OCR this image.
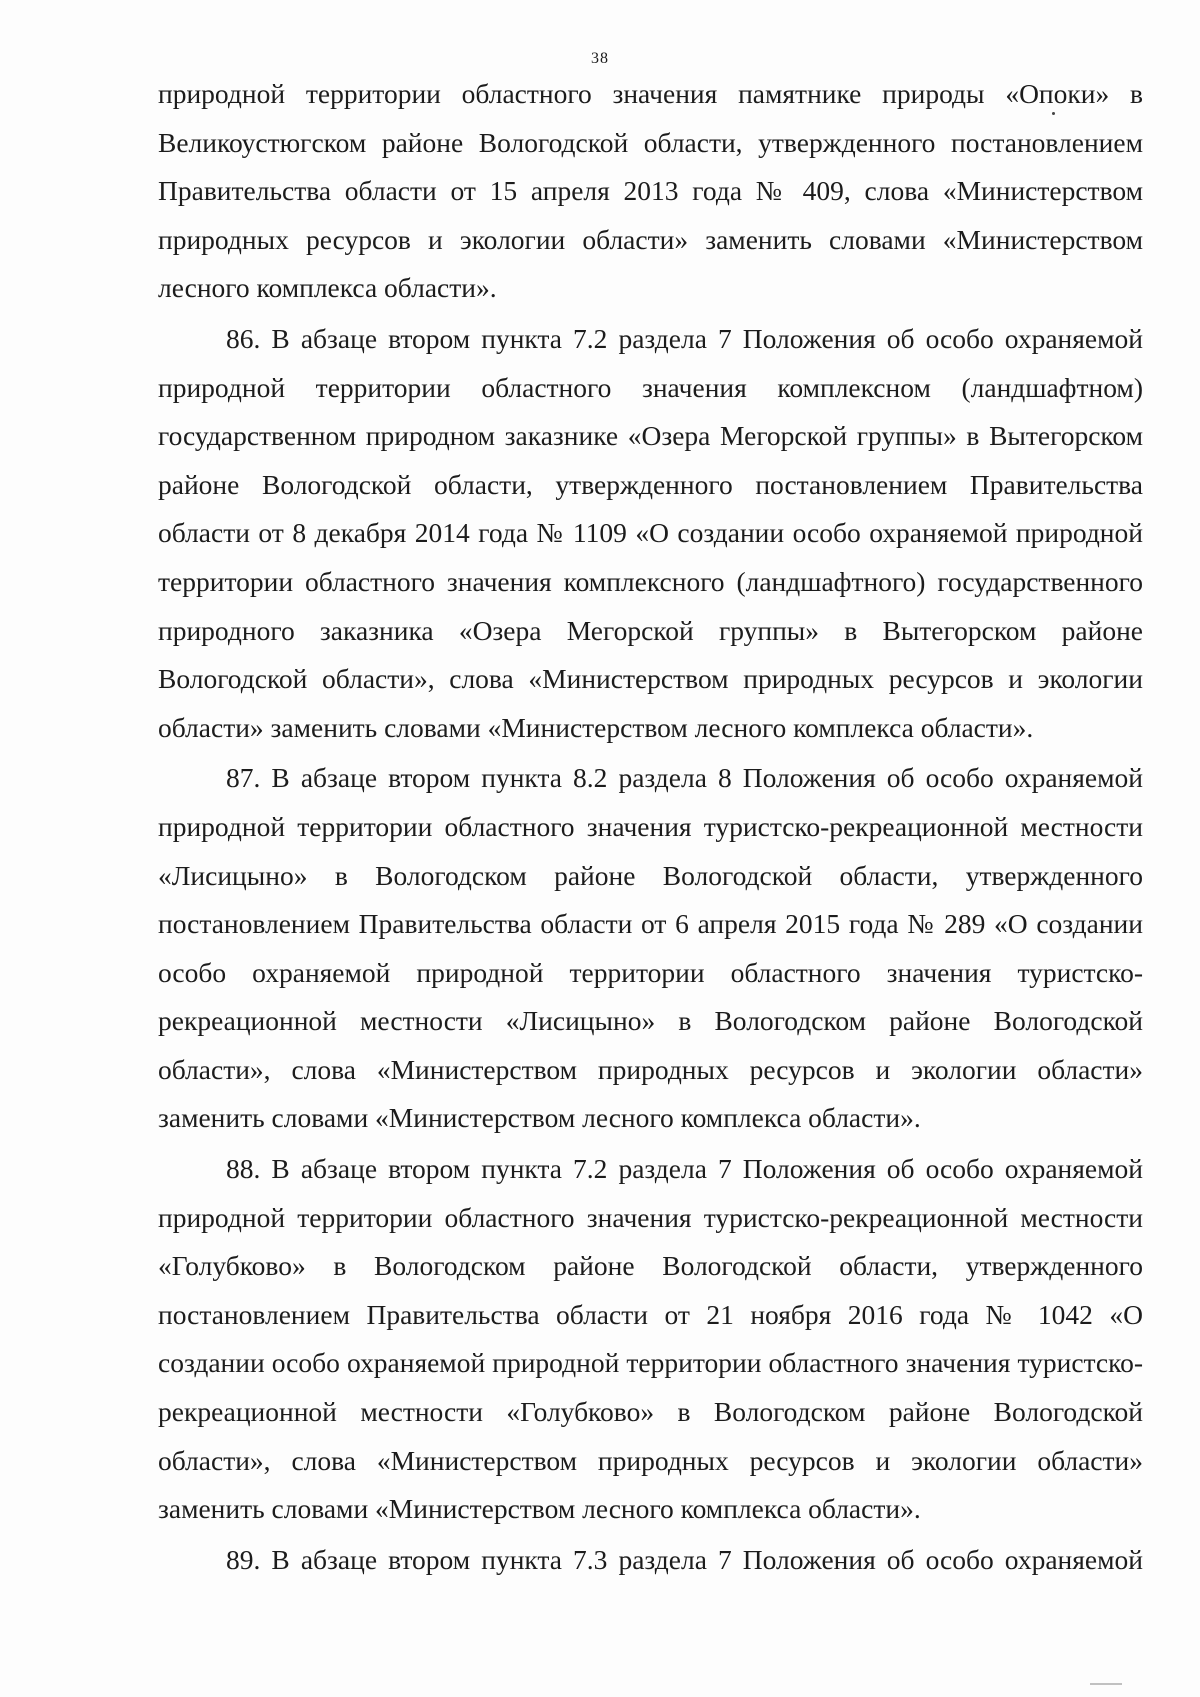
38

природной территории областного значения памятнике природы «Опоки» в Великоустюгском районе Вологодской области, утвержденного постановлением Правительства области от 15 апреля 2013 года № 409, слова «Министерством природных ресурсов и экологии области» заменить словами «Министерством лесного комплекса области».

86. В абзаце втором пункта 7.2 раздела 7 Положения об особо охраняемой природной территории областного значения комплексном (ландшафтном) государственном природном заказнике «Озера Мегорской группы» в Вытегорском районе Вологодской области, утвержденного постановлением Правительства области от 8 декабря 2014 года № 1109 «О создании особо охраняемой природной территории областного значения комплексного (ландшафтного) государственного природного заказника «Озера Мегорской группы» в Вытегорском районе Вологодской области», слова «Министерством природных ресурсов и экологии области» заменить словами «Министерством лесного комплекса области».

87. В абзаце втором пункта 8.2 раздела 8 Положения об особо охраняемой природной территории областного значения туристско-рекреационной местности «Лисицыно» в Вологодском районе Вологодской области, утвержденного постановлением Правительства области от 6 апреля 2015 года № 289 «О создании особо охраняемой природной территории областного значения туристско-рекреационной местности «Лисицыно» в Вологодском районе Вологодской области», слова «Министерством природных ресурсов и экологии области» заменить словами «Министерством лесного комплекса области».

88. В абзаце втором пункта 7.2 раздела 7 Положения об особо охраняемой природной территории областного значения туристско-рекреационной местности «Голубково» в Вологодском районе Вологодской области, утвержденного постановлением Правительства области от 21 ноября 2016 года № 1042 «О создании особо охраняемой природной территории областного значения туристско-рекреационной местности «Голубково» в Вологодском районе Вологодской области», слова «Министерством природных ресурсов и экологии области» заменить словами «Министерством лесного комплекса области».

89. В абзаце втором пункта 7.3 раздела 7 Положения об особо охраняемой
